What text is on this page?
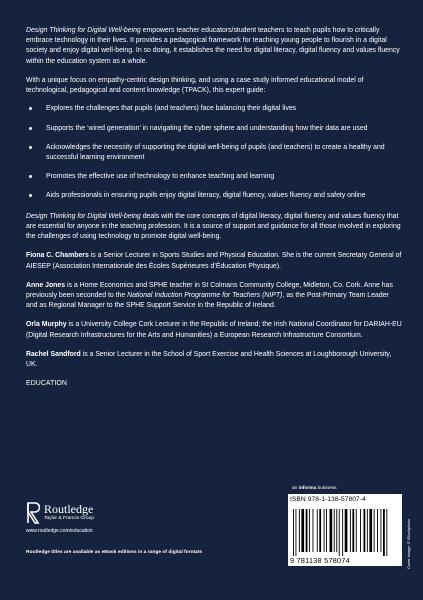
Design Thinking for Digital Well-being empowers teacher educators/student teachers to teach pupils how to critically embrace technology in their lives. It provides a pedagogical framework for teaching young people to flourish in a digital society and enjoy digital well-being. In so doing, it establishes the need for digital literacy, digital fluency and values fluency within the education system as a whole.

With a unique focus on empathy-centric design thinking, and using a case study informed educational model of technological, pedagogical and content knowledge (TPACK), this expert guide:

Explores the challenges that pupils (and teachers) face balancing their digital lives
Supports the ‘wired generation’ in navigating the cyber sphere and understanding how their data are used
Acknowledges the necessity of supporting the digital well-being of pupils (and teachers) to create a healthy and successful learning environment
Promotes the effective use of technology to enhance teaching and learning
Aids professionals in ensuring pupils enjoy digital literacy, digital fluency, values fluency and safety online

Design Thinking for Digital Well-being deals with the core concepts of digital literacy, digital fluency and values fluency that are essential for anyone in the teaching profession. It is a source of support and guidance for all those involved in exploring the challenges of using technology to promote digital well-being.

Fiona C. Chambers is a Senior Lecturer in Sports Studies and Physical Education. She is the current Secretary General of AIESEP (Association Internationale des Écoles Supérieures d’Éducation Physique).

Anne Jones is a Home Economics and SPHE teacher in St Colmans Community College, Midleton, Co. Cork. Anne has previously been seconded to the National Induction Programme for Teachers (NIPT), as the Post-Primary Team Leader and as Regional Manager to the SPHE Support Service in the Republic of Ireland.

Orla Murphy is a University College Cork Lecturer in the Republic of Ireland; the Irish National Coordinator for DARIAH-EU (Digital Research Infrastructures for the Arts and Humanities) a European Research Infrastructure Consortium.

Rachel Sandford is a Senior Lecturer in the School of Sport Exercise and Health Sciences at Loughborough University, UK.

EDUCATION

Routledge
Taylor & Francis Group
www.routledge.com/education
Routledge titles are available as eBook editions in a range of digital formats
an informa business
ISBN 978-1-138-57807-4
9 781138 578074	Cover image: © iStockphoto
